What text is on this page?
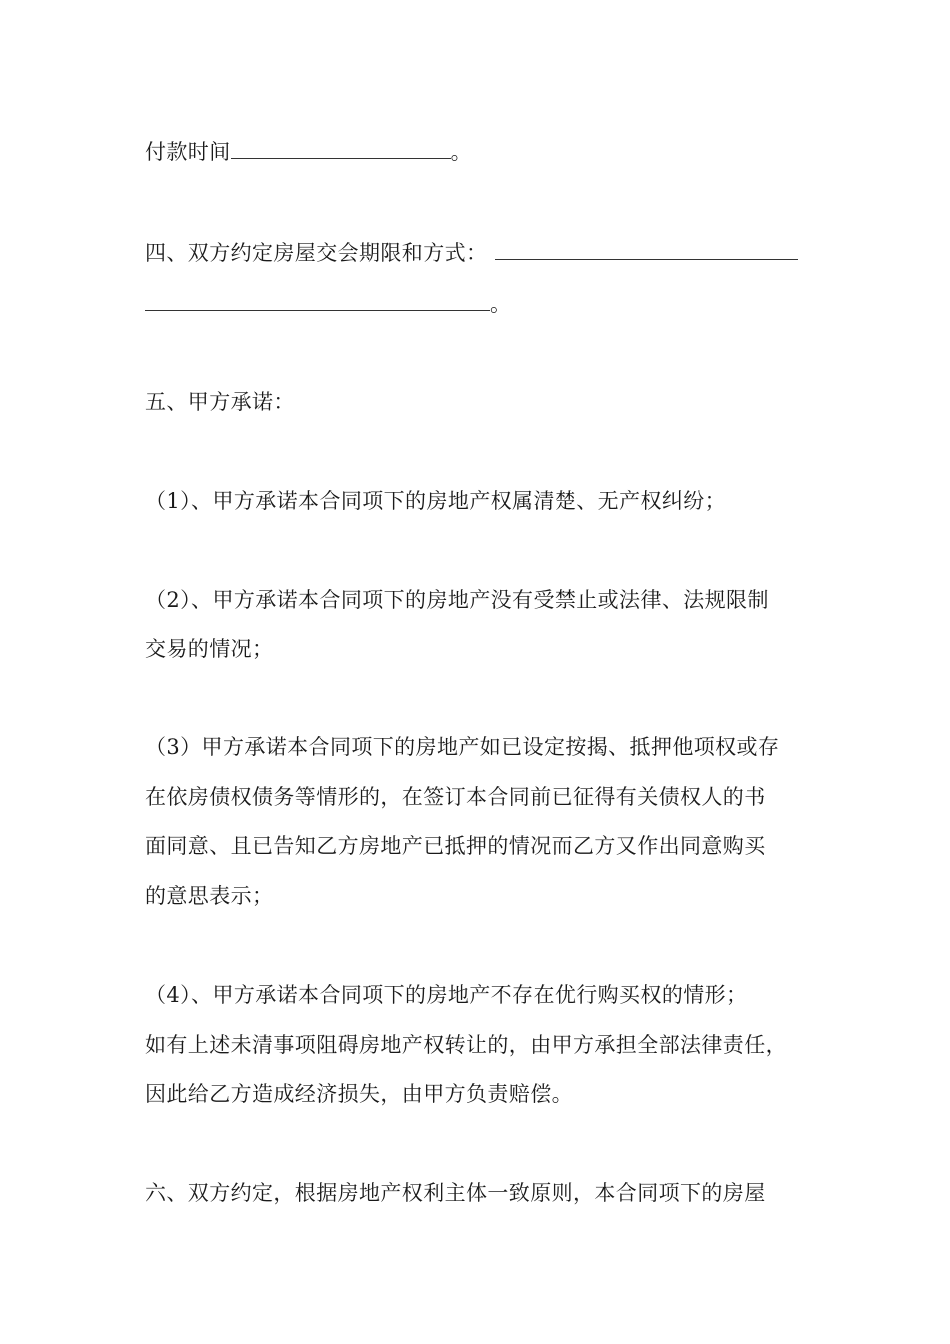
付款时间	。
四、双方约定房屋交会期限和方式：
。
五、甲方承诺：
（1）、甲方承诺本合同项下的房地产权属清楚、无产权纠纷；
（2）、甲方承诺本合同项下的房地产没有受禁止或法律、法规限制
交易的情况；
（3）甲方承诺本合同项下的房地产如已设定按揭、抵押他项权或存
在依房债权债务等情形的，在签订本合同前已征得有关债权人的书
面同意、且已告知乙方房地产已抵押的情况而乙方又作出同意购买
的意思表示；
（4）、甲方承诺本合同项下的房地产不存在优行购买权的情形；
如有上述未清事项阻碍房地产权转让的，由甲方承担全部法律责任，
因此给乙方造成经济损失，由甲方负责赔偿。
六、双方约定，根据房地产权利主体一致原则，本合同项下的房屋
